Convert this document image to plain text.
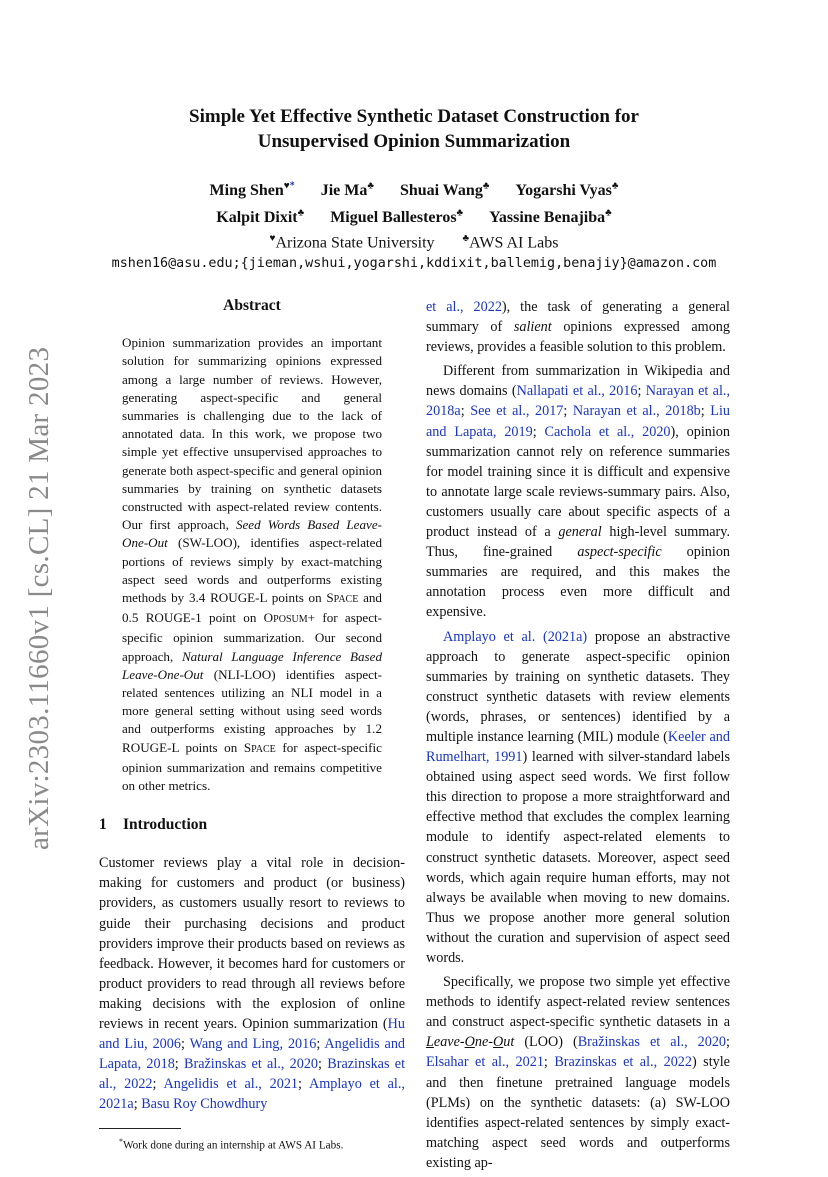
arXiv:2303.11660v1 [cs.CL] 21 Mar 2023
Simple Yet Effective Synthetic Dataset Construction for
Unsupervised Opinion Summarization
Ming Shen♥* Jie Ma♣ Shuai Wang♣ Yogarshi Vyas♣
Kalpit Dixit♣ Miguel Ballesteros♣ Yassine Benajiba♣
♥Arizona State University	♣AWS AI Labs
mshen16@asu.edu;{jieman,wshui,yogarshi,kddixit,ballemig,benajiy}@amazon.com
Abstract
Opinion summarization provides an important solution for summarizing opinions expressed among a large number of reviews. However, generating aspect-specific and general summaries is challenging due to the lack of annotated data. In this work, we propose two simple yet effective unsupervised approaches to generate both aspect-specific and general opinion summaries by training on synthetic datasets constructed with aspect-related review contents. Our first approach, Seed Words Based Leave-One-Out (SW-LOO), identifies aspect-related portions of reviews simply by exact-matching aspect seed words and outperforms existing methods by 3.4 ROUGE-L points on SPACE and 0.5 ROUGE-1 point on OPOSUM+ for aspect-specific opinion summarization. Our second approach, Natural Language Inference Based Leave-One-Out (NLI-LOO) identifies aspect-related sentences utilizing an NLI model in a more general setting without using seed words and outperforms existing approaches by 1.2 ROUGE-L points on SPACE for aspect-specific opinion summarization and remains competitive on other metrics.
1 Introduction

Customer reviews play a vital role in decision-making for customers and product (or business) providers, as customers usually resort to reviews to guide their purchasing decisions and product providers improve their products based on reviews as feedback. However, it becomes hard for customers or product providers to read through all reviews before making decisions with the explosion of online reviews in recent years. Opinion summarization (Hu and Liu, 2006; Wang and Ling, 2016; Angelidis and Lapata, 2018; Bražinskas et al., 2020; Brazinskas et al., 2022; Angelidis et al., 2021; Amplayo et al., 2021a; Basu Roy Chowdhury

*Work done during an internship at AWS AI Labs.

et al., 2022), the task of generating a general summary of salient opinions expressed among reviews, provides a feasible solution to this problem.

Different from summarization in Wikipedia and news domains (Nallapati et al., 2016; Narayan et al., 2018a; See et al., 2017; Narayan et al., 2018b; Liu and Lapata, 2019; Cachola et al., 2020), opinion summarization cannot rely on reference summaries for model training since it is difficult and expensive to annotate large scale reviews-summary pairs. Also, customers usually care about specific aspects of a product instead of a general high-level summary. Thus, fine-grained aspect-specific opinion summaries are required, and this makes the annotation process even more difficult and expensive.

Amplayo et al. (2021a) propose an abstractive approach to generate aspect-specific opinion summaries by training on synthetic datasets. They construct synthetic datasets with review elements (words, phrases, or sentences) identified by a multiple instance learning (MIL) module (Keeler and Rumelhart, 1991) learned with silver-standard labels obtained using aspect seed words. We first follow this direction to propose a more straightforward and effective method that excludes the complex learning module to identify aspect-related elements to construct synthetic datasets. Moreover, aspect seed words, which again require human efforts, may not always be available when moving to new domains. Thus we propose another more general solution without the curation and supervision of aspect seed words.

Specifically, we propose two simple yet effective methods to identify aspect-related review sentences and construct aspect-specific synthetic datasets in a Leave-One-Out (LOO) (Bražinskas et al., 2020; Elsahar et al., 2021; Brazinskas et al., 2022) style and then finetune pretrained language models (PLMs) on the synthetic datasets: (a) SW-LOO identifies aspect-related sentences by simply exact-matching aspect seed words and outperforms existing ap-
